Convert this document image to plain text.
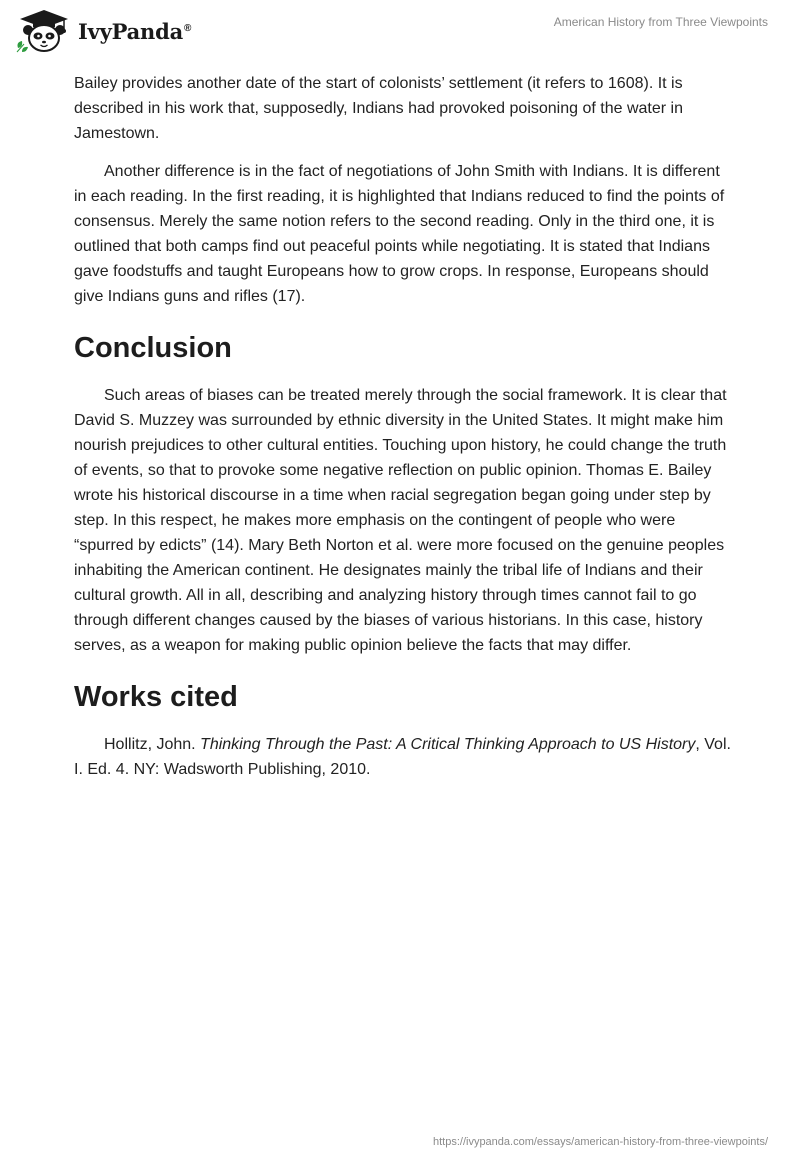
IvyPanda®	American History from Three Viewpoints

Bailey provides another date of the start of colonists’ settlement (it refers to 1608). It is described in his work that, supposedly, Indians had provoked poisoning of the water in Jamestown.

Another difference is in the fact of negotiations of John Smith with Indians. It is different in each reading. In the first reading, it is highlighted that Indians reduced to find the points of consensus. Merely the same notion refers to the second reading. Only in the third one, it is outlined that both camps find out peaceful points while negotiating. It is stated that Indians gave foodstuffs and taught Europeans how to grow crops. In response, Europeans should give Indians guns and rifles (17).

Conclusion

Such areas of biases can be treated merely through the social framework. It is clear that David S. Muzzey was surrounded by ethnic diversity in the United States. It might make him nourish prejudices to other cultural entities. Touching upon history, he could change the truth of events, so that to provoke some negative reflection on public opinion. Thomas E. Bailey wrote his historical discourse in a time when racial segregation began going under step by step. In this respect, he makes more emphasis on the contingent of people who were “spurred by edicts” (14). Mary Beth Norton et al. were more focused on the genuine peoples inhabiting the American continent. He designates mainly the tribal life of Indians and their cultural growth. All in all, describing and analyzing history through times cannot fail to go through different changes caused by the biases of various historians. In this case, history serves, as a weapon for making public opinion believe the facts that may differ.

Works cited

Hollitz, John. Thinking Through the Past: A Critical Thinking Approach to US History, Vol. I. Ed. 4. NY: Wadsworth Publishing, 2010.

https://ivypanda.com/essays/american-history-from-three-viewpoints/
